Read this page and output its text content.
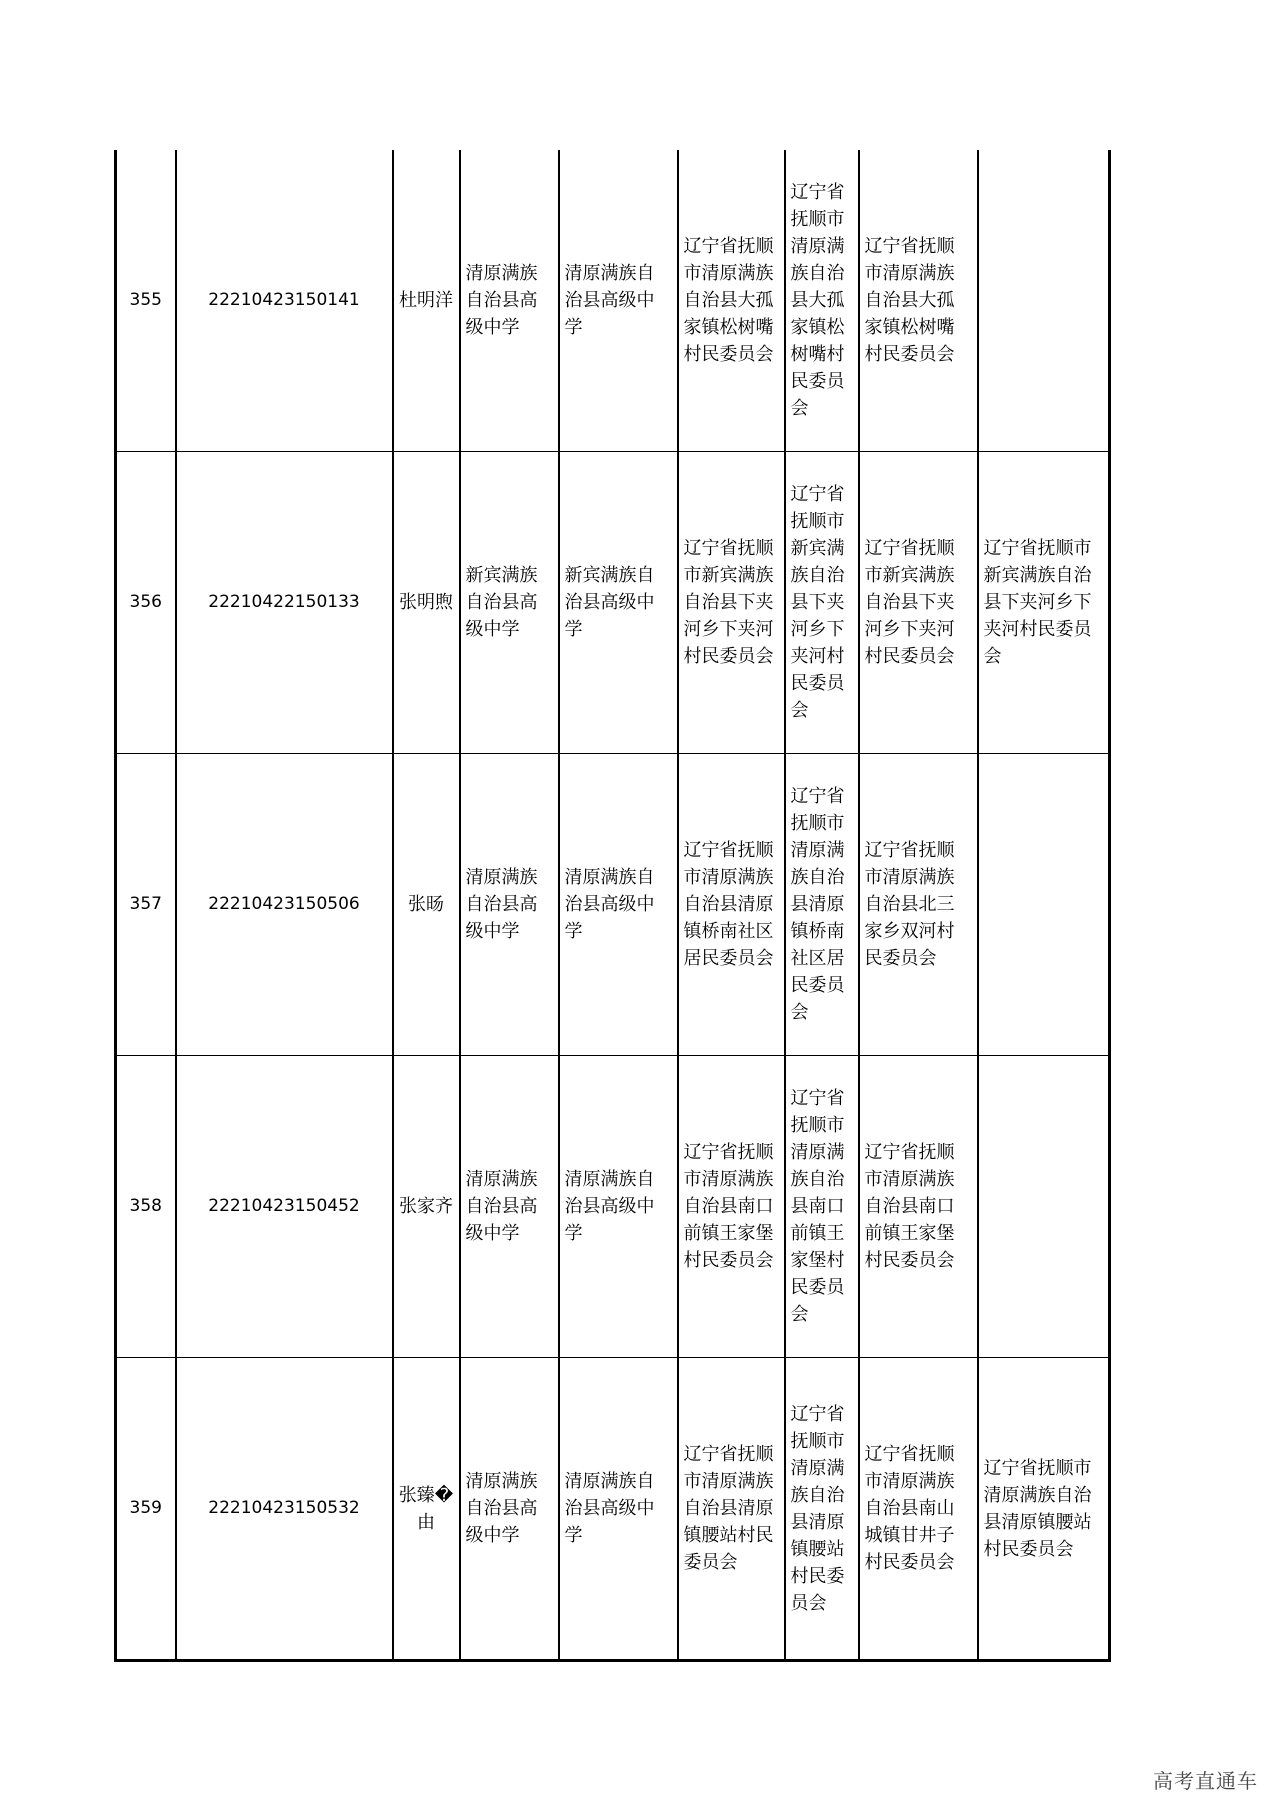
355	22210423150141	杜明洋	清原满族自治县高级中学	清原满族自治县高级中学	辽宁省抚顺市清原满族自治县大孤家镇松树嘴村民委员会	辽宁省抚顺市清原满族自治县大孤家镇松树嘴村民委员会	辽宁省抚顺市清原满族自治县大孤家镇松树嘴村民委员会	
356	22210422150133	张明煦	新宾满族自治县高级中学	新宾满族自治县高级中学	辽宁省抚顺市新宾满族自治县下夹河乡下夹河村民委员会	辽宁省抚顺市新宾满族自治县下夹河乡下夹河村民委员会	辽宁省抚顺市新宾满族自治县下夹河乡下夹河村民委员会	辽宁省抚顺市新宾满族自治县下夹河乡下夹河村民委员会
357	22210423150506	张旸	清原满族自治县高级中学	清原满族自治县高级中学	辽宁省抚顺市清原满族自治县清原镇桥南社区居民委员会	辽宁省抚顺市清原满族自治县清原镇桥南社区居民委员会	辽宁省抚顺市清原满族自治县北三家乡双河村民委员会	
358	22210423150452	张家齐	清原满族自治县高级中学	清原满族自治县高级中学	辽宁省抚顺市清原满族自治县南口前镇王家堡村民委员会	辽宁省抚顺市清原满族自治县南口前镇王家堡村民委员会	辽宁省抚顺市清原满族自治县南口前镇王家堡村民委员会	
359	22210423150532	张臻�由	清原满族自治县高级中学	清原满族自治县高级中学	辽宁省抚顺市清原满族自治县清原镇腰站村民委员会	辽宁省抚顺市清原满族自治县清原镇腰站村民委员会	辽宁省抚顺市清原满族自治县南山城镇甘井子村民委员会	辽宁省抚顺市清原满族自治县清原镇腰站村民委员会
高考直通车
